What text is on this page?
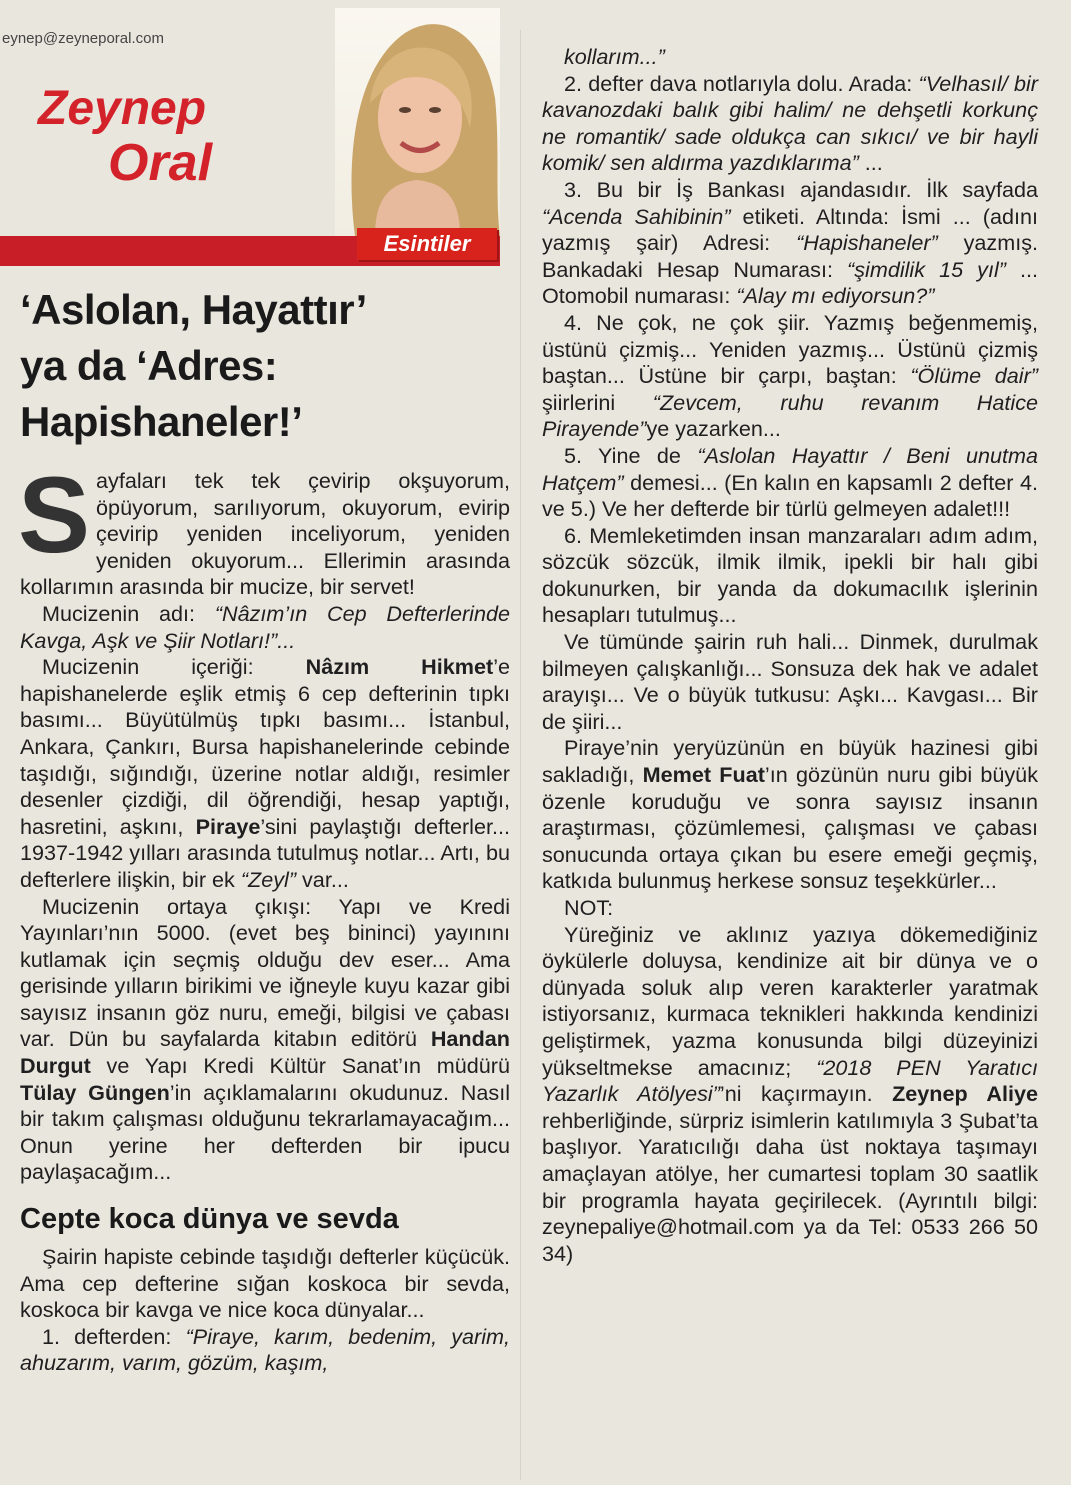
eynep@zeyneporal.com
Zeynep
Oral
Esintiler
‘Aslolan, Hayattır’
ya da ‘Adres:
Hapishaneler!’

Sayfaları tek tek çevirip okşuyorum, öpüyorum, sarılıyorum, okuyorum, evirip çevirip yeniden inceliyorum, yeniden yeniden okuyorum... Ellerimin arasında kollarımın arasında bir mucize, bir servet!

Mucizenin adı: “Nâzım’ın Cep Defterlerinde Kavga, Aşk ve Şiir Notları!”...

Mucizenin içeriği: Nâzım Hikmet’e hapishanelerde eşlik etmiş 6 cep defterinin tıpkı basımı... Büyütülmüş tıpkı basımı... İstanbul, Ankara, Çankırı, Bursa hapishanelerinde cebinde taşıdığı, sığındığı, üzerine notlar aldığı, resimler desenler çizdiği, dil öğrendiği, hesap yaptığı, hasretini, aşkını, Piraye’sini paylaştığı defterler... 1937-1942 yılları arasında tutulmuş notlar... Artı, bu defterlere ilişkin, bir ek “Zeyl” var...

Mucizenin ortaya çıkışı: Yapı ve Kredi Yayınları’nın 5000. (evet beş bininci) yayınını kutlamak için seçmiş olduğu dev eser... Ama gerisinde yılların birikimi ve iğneyle kuyu kazar gibi sayısız insanın göz nuru, emeği, bilgisi ve çabası var. Dün bu sayfalarda kitabın editörü Handan Durgut ve Yapı Kredi Kültür Sanat’ın müdürü Tülay Güngen’in açıklamalarını okudunuz. Nasıl bir takım çalışması olduğunu tekrarlamayacağım... Onun yerine her defterden bir ipucu paylaşacağım...

Cepte koca dünya ve sevda

Şairin hapiste cebinde taşıdığı defterler küçücük. Ama cep defterine sığan koskoca bir sevda, koskoca bir kavga ve nice koca dünyalar...

1. defterden: “Piraye, karım, bedenim, yarim, ahuzarım, varım, gözüm, kaşım,

kollarım...”

2. defter dava notlarıyla dolu. Arada: “Velhasıl/ bir kavanozdaki balık gibi halim/ ne dehşetli korkunç ne romantik/ sade oldukça can sıkıcı/ ve bir hayli komik/ sen aldırma yazdıklarıma” ...

3. Bu bir İş Bankası ajandasıdır. İlk sayfada “Acenda Sahibinin” etiketi. Altında: İsmi ... (adını yazmış şair) Adresi: “Hapishaneler” yazmış. Bankadaki Hesap Numarası: “şimdilik 15 yıl” ... Otomobil numarası: “Alay mı ediyorsun?”

4. Ne çok, ne çok şiir. Yazmış beğenmemiş, üstünü çizmiş... Yeniden yazmış... Üstünü çizmiş baştan... Üstüne bir çarpı, baştan: “Ölüme dair” şiirlerini “Zevcem, ruhu revanım Hatice Pirayende”ye yazarken...

5. Yine de “Aslolan Hayattır / Beni unutma Hatçem” demesi... (En kalın en kapsamlı 2 defter 4. ve 5.) Ve her defterde bir türlü gelmeyen adalet!!!

6. Memleketimden insan manzaraları adım adım, sözcük sözcük, ilmik ilmik, ipekli bir halı gibi dokunurken, bir yanda da dokumacılık işlerinin hesapları tutulmuş...

Ve tümünde şairin ruh hali... Dinmek, durulmak bilmeyen çalışkanlığı... Sonsuza dek hak ve adalet arayışı... Ve o büyük tutkusu: Aşkı... Kavgası... Bir de şiiri...

Piraye’nin yeryüzünün en büyük hazinesi gibi sakladığı, Memet Fuat’ın gözünün nuru gibi büyük özenle koruduğu ve sonra sayısız insanın araştırması, çözümlemesi, çalışması ve çabası sonucunda ortaya çıkan bu esere emeği geçmiş, katkıda bulunmuş herkese sonsuz teşekkürler...

NOT:

Yüreğiniz ve aklınız yazıya dökemediğiniz öykülerle doluysa, kendinize ait bir dünya ve o dünyada soluk alıp veren karakterler yaratmak istiyorsanız, kurmaca teknikleri hakkında kendinizi geliştirmek, yazma konusunda bilgi düzeyinizi yükseltmekse amacınız; “2018 PEN Yaratıcı Yazarlık Atölyesi”’ni kaçırmayın. Zeynep Aliye rehberliğinde, sürpriz isimlerin katılımıyla 3 Şubat’ta başlıyor. Yaratıcılığı daha üst noktaya taşımayı amaçlayan atölye, her cumartesi toplam 30 saatlik bir programla hayata geçirilecek. (Ayrıntılı bilgi: zeynepaliye@hotmail.com ya da Tel: 0533 266 50 34)
